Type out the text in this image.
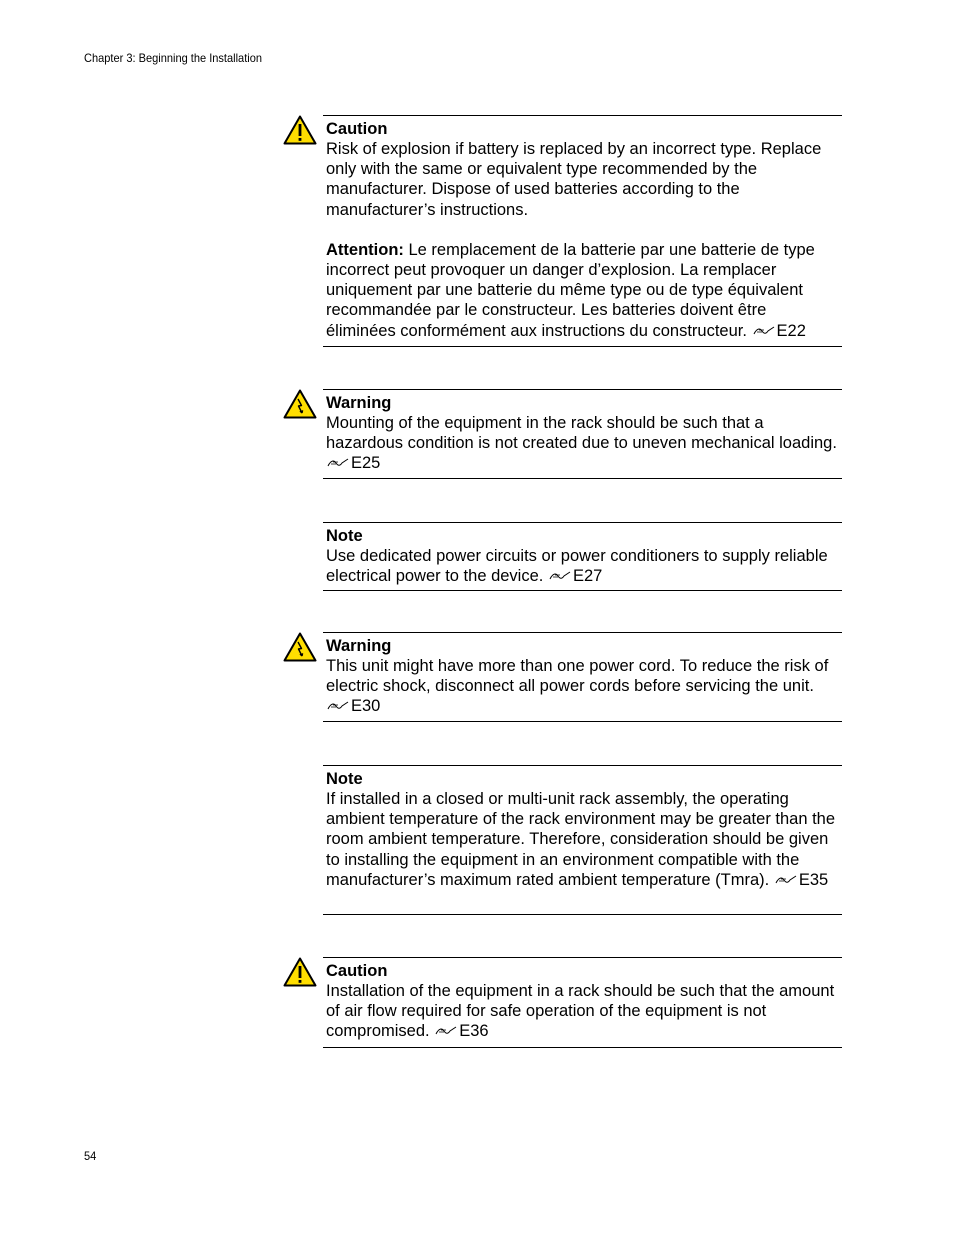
Chapter 3: Beginning the Installation
Caution

Risk of explosion if battery is replaced by an incorrect type. Replace only with the same or equivalent type recommended by the manufacturer. Dispose of used batteries according to the manufacturer’s instructions.

Attention: Le remplacement de la batterie par une batterie de type incorrect peut provoquer un danger d’explosion. La remplacer uniquement par une batterie du même type ou de type équivalent recommandée par le constructeur. Les batteries doivent être éliminées conformément aux instructions du constructeur. E22

Warning

Mounting of the equipment in the rack should be such that a hazardous condition is not created due to uneven mechanical loading.
E25

Note

Use dedicated power circuits or power conditioners to supply reliable electrical power to the device. E27

Warning

This unit might have more than one power cord. To reduce the risk of electric shock, disconnect all power cords before servicing the unit.
E30

Note

If installed in a closed or multi-unit rack assembly, the operating ambient temperature of the rack environment may be greater than the room ambient temperature. Therefore, consideration should be given to installing the equipment in an environment compatible with the manufacturer’s maximum rated ambient temperature (Tmra). E35

Caution

Installation of the equipment in a rack should be such that the amount of air flow required for safe operation of the equipment is not compromised. E36

54
